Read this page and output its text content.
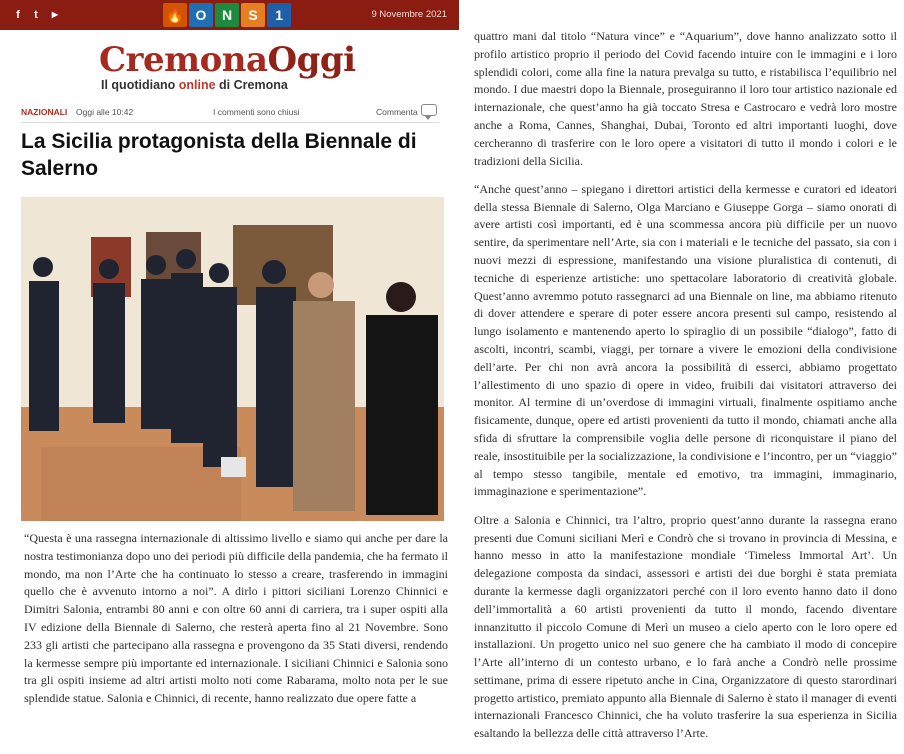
f	t	▶	🔥 O	N	S	1	9 Novembre 2021
CremonaOggi
Il quotidiano online di Cremona
NAZIONALI Oggi alle 10:42	I commenti sono chiusi	Commenta
La Sicilia protagonista della Biennale di Salerno
“Questa è una rassegna internazionale di altissimo livello e siamo qui anche per dare la nostra testimonianza dopo uno dei periodi più difficile della pandemia, che ha fermato il mondo, ma non l’Arte che ha continuato lo stesso a creare, trasferendo in immagini quello che è avvenuto intorno a noi”. A dirlo i pittori siciliani Lorenzo Chinnici e Dimitri Salonia, entrambi 80 anni e con oltre 60 anni di carriera, tra i super ospiti alla IV edizione della Biennale di Salerno, che resterà aperta fino al 21 Novembre. Sono 233 gli artisti che partecipano alla rassegna e provengono da 35 Stati diversi, rendendo la kermesse sempre più importante ed internazionale. I siciliani Chinnici e Salonia sono tra gli ospiti insieme ad altri artisti molto noti come Rabarama, molto nota per le sue splendide statue. Salonia e Chinnici, di recente, hanno realizzato due opere fatte a

quattro mani dal titolo “Natura vince” e “Aquarium”, dove hanno analizzato sotto il profilo artistico proprio il periodo del Covid facendo intuire con le immagini e i loro splendidi colori, come alla fine la natura prevalga su tutto, e ristabilisca l’equilibrio nel mondo. I due maestri dopo la Biennale, proseguiranno il loro tour artistico nazionale ed internazionale, che quest’anno ha già toccato Stresa e Castrocaro e vedrà loro mostre anche a Roma, Cannes, Shanghai, Dubai, Toronto ed altri importanti luoghi, dove cercheranno di trasferire con le loro opere a visitatori di tutto il mondo i colori e le tradizioni della Sicilia.

“Anche quest’anno – spiegano i direttori artistici della kermesse e curatori ed ideatori della stessa Biennale di Salerno, Olga Marciano e Giuseppe Gorga – siamo onorati di avere artisti così importanti, ed è una scommessa ancora più difficile per un nuovo sentire, da sperimentare nell’Arte, sia con i materiali e le tecniche del passato, sia con i nuovi mezzi di espressione, manifestando una visione pluralistica di contenuti, di tecniche di esperienze artistiche: uno spettacolare laboratorio di creatività globale. Quest’anno avremmo potuto rassegnarci ad una Biennale on line, ma abbiamo ritenuto di dover attendere e sperare di poter essere ancora presenti sul campo, resistendo al lungo isolamento e mantenendo aperto lo spiraglio di un possibile “dialogo”, fatto di ascolti, incontri, scambi, viaggi, per tornare a vivere le emozioni della condivisione dell’arte. Per chi non avrà ancora la possibilità di esserci, abbiamo progettato l’allestimento di uno spazio di opere in video, fruibili dai visitatori attraverso dei monitor. Al termine di un’overdose di immagini virtuali, finalmente ospitiamo anche fisicamente, dunque, opere ed artisti provenienti da tutto il mondo, chiamati anche alla sfida di sfruttare la comprensibile voglia delle persone di riconquistare il piano del reale, insostituibile per la socializzazione, la condivisione e l’incontro, per un “viaggio” al tempo stesso tangibile, mentale ed emotivo, tra immagini, immaginario, immaginazione e sperimentazione”.

Oltre a Salonia e Chinnici, tra l’altro, proprio quest’anno durante la rassegna erano presenti due Comuni siciliani Merì e Condrò che si trovano in provincia di Messina, e hanno messo in atto la manifestazione mondiale ‘Timeless Immortal Art’. Un delegazione composta da sindaci, assessori e artisti dei due borghi è stata premiata durante la kermesse dagli organizzatori perché con il loro evento hanno dato il dono dell’immortalità a 60 artisti provenienti da tutto il mondo, facendo diventare innanzitutto il piccolo Comune di Merì un museo a cielo aperto con le loro opere ed installazioni. Un progetto unico nel suo genere che ha cambiato il modo di concepire l’Arte all’interno di un contesto urbano, e lo farà anche a Condrò nelle prossime settimane, prima di essere ripetuto anche in Cina, Organizzatore di questo starordinari progetto artistico, premiato appunto alla Biennale di Salerno è stato il manager di eventi internazionali Francesco Chinnici, che ha voluto trasferire la sua esperienza in Sicilia esaltando la bellezza delle città attraverso l’Arte.
